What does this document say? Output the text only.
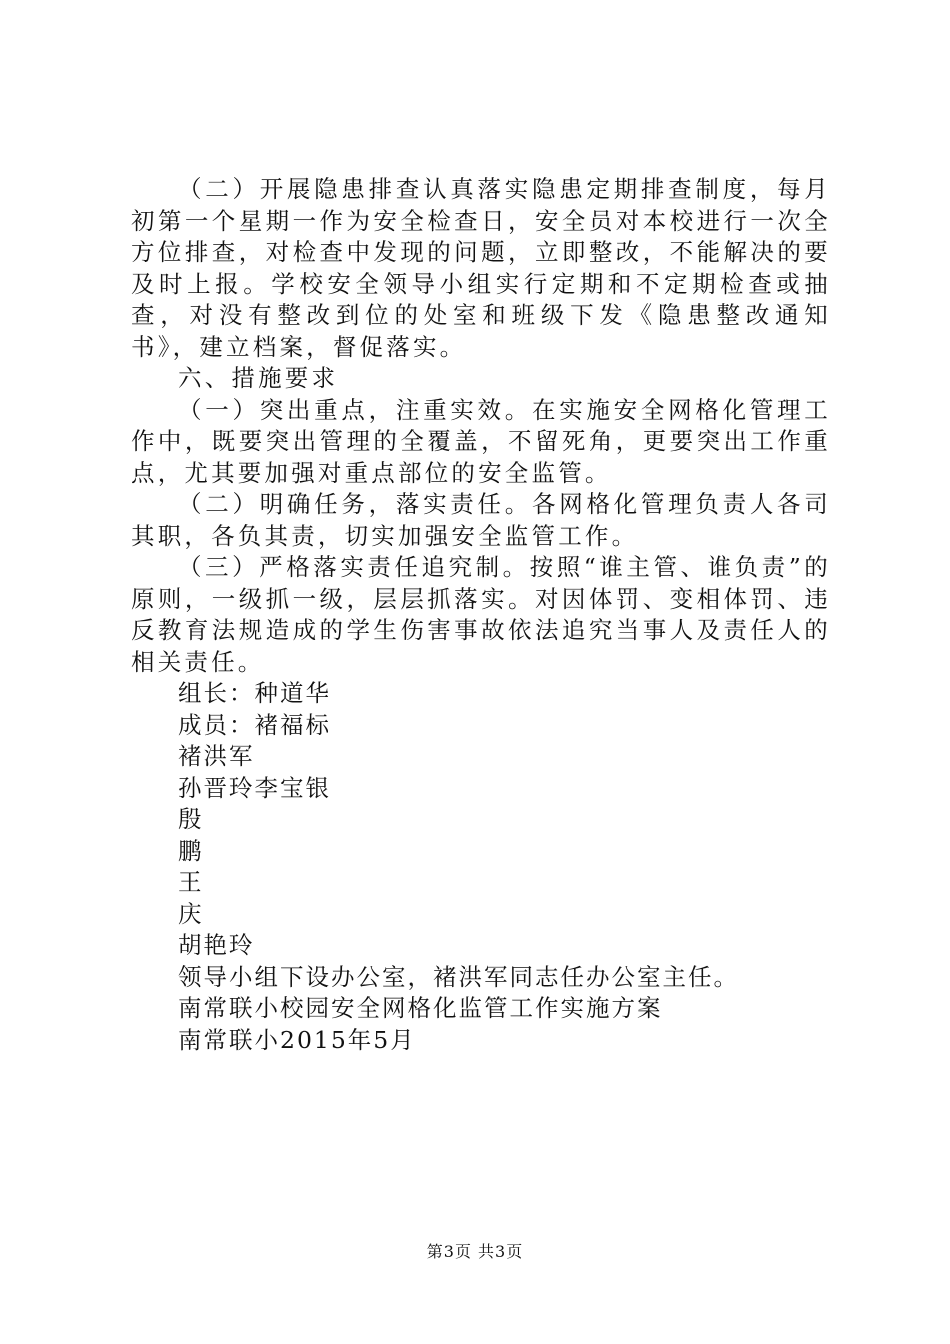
（二）开展隐患排查认真落实隐患定期排查制度，每月初第一个星期一作为安全检查日，安全员对本校进行一次全方位排查，对检查中发现的问题，立即整改，不能解决的要及时上报。学校安全领导小组实行定期和不定期检查或抽查，对没有整改到位的处室和班级下发《隐患整改通知书》，建立档案，督促落实。

六、措施要求

（一）突出重点，注重实效。在实施安全网格化管理工作中，既要突出管理的全覆盖，不留死角，更要突出工作重点，尤其要加强对重点部位的安全监管。

（二）明确任务，落实责任。各网格化管理负责人各司其职，各负其责，切实加强安全监管工作。

（三）严格落实责任追究制。按照“谁主管、谁负责”的原则，一级抓一级，层层抓落实。对因体罚、变相体罚、违反教育法规造成的学生伤害事故依法追究当事人及责任人的相关责任。

组长：种道华

成员：褚福标

褚洪军

孙晋玲李宝银

殷

鹏

王

庆

胡艳玲

领导小组下设办公室，褚洪军同志任办公室主任。

南常联小校园安全网格化监管工作实施方案

南常联小2015年5月

第3页 共3页
